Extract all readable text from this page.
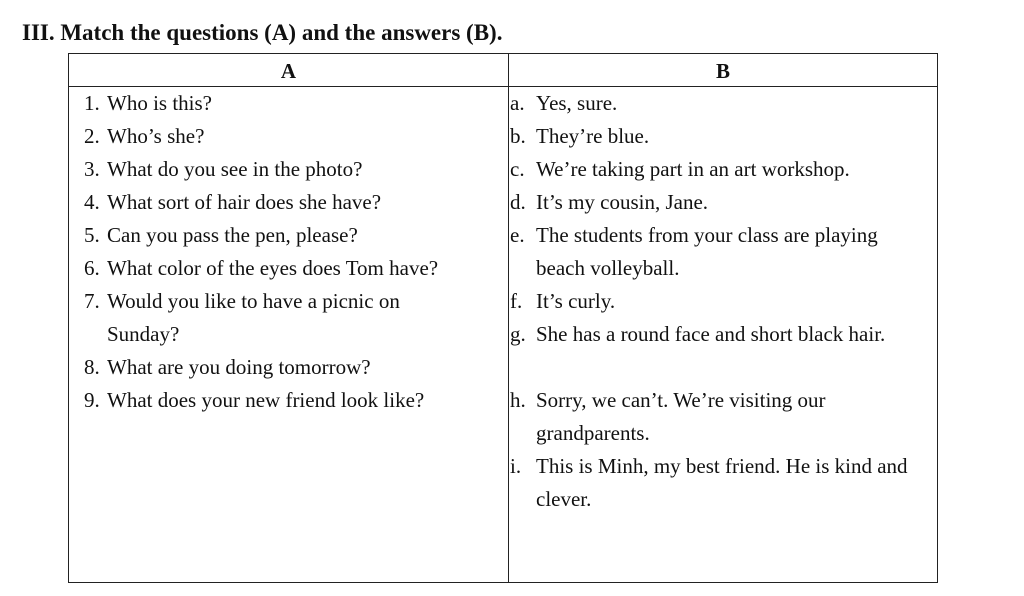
III. Match the questions (A) and the answers (B).
A	B
1. Who is this?
2. Who’s she?
3. What do you see in the photo?
4. What sort of hair does she have?
5. Can you pass the pen, please?
6. What color of the eyes does Tom have?
7. Would you like to have a picnic on Sunday?
8. What are you doing tomorrow?
9. What does your new friend look like?
a. Yes, sure.
b. They’re blue.
c. We’re taking part in an art workshop.
d. It’s my cousin, Jane.
e. The students from your class are playing beach volleyball.
f. It’s curly.
g. She has a round face and short black hair.
h. Sorry, we can’t. We’re visiting our grandparents.
i. This is Minh, my best friend. He is kind and clever.
